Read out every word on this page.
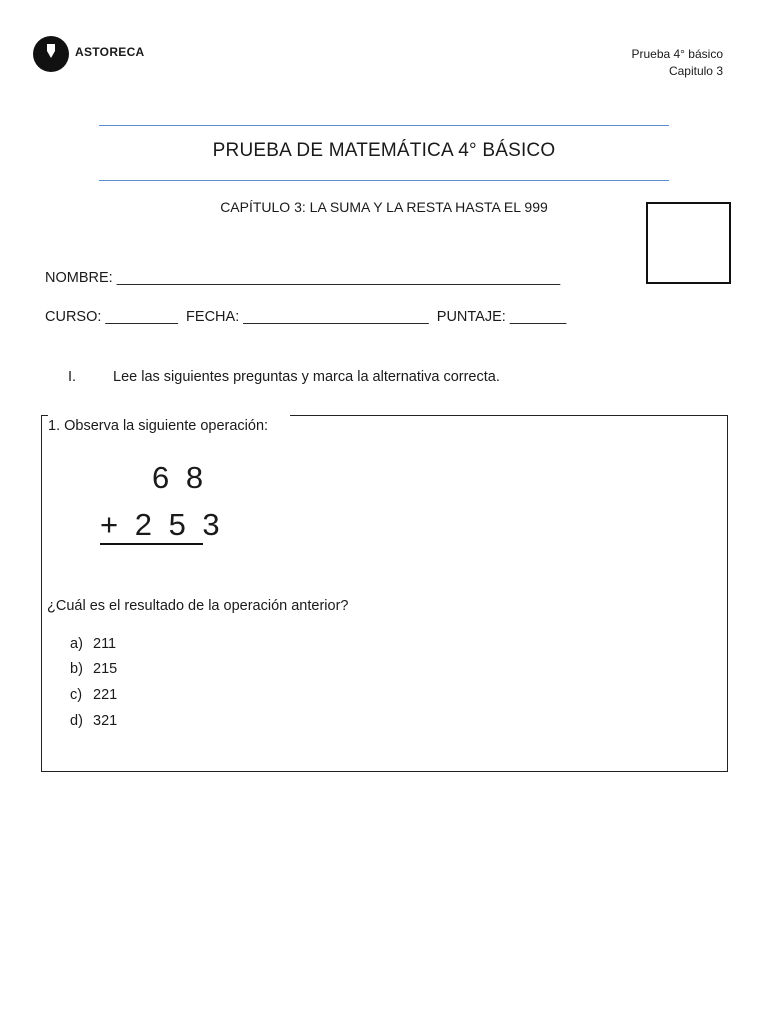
ASTORECA	Prueba 4° básico
Capitulo 3
PRUEBA DE MATEMÁTICA 4° BÁSICO
CAPÍTULO 3: LA SUMA Y LA RESTA HASTA EL 999
NOMBRE: _______________________________________________________
CURSO: _________  FECHA: _______________________  PUNTAJE: _______
I.	Lee las siguientes preguntas y marca la alternativa correcta.
1. Observa la siguiente operación:
6 8
+ 2 5 3
¿Cuál es el resultado de la operación anterior?
a) 211
b) 215
c) 221
d) 321
